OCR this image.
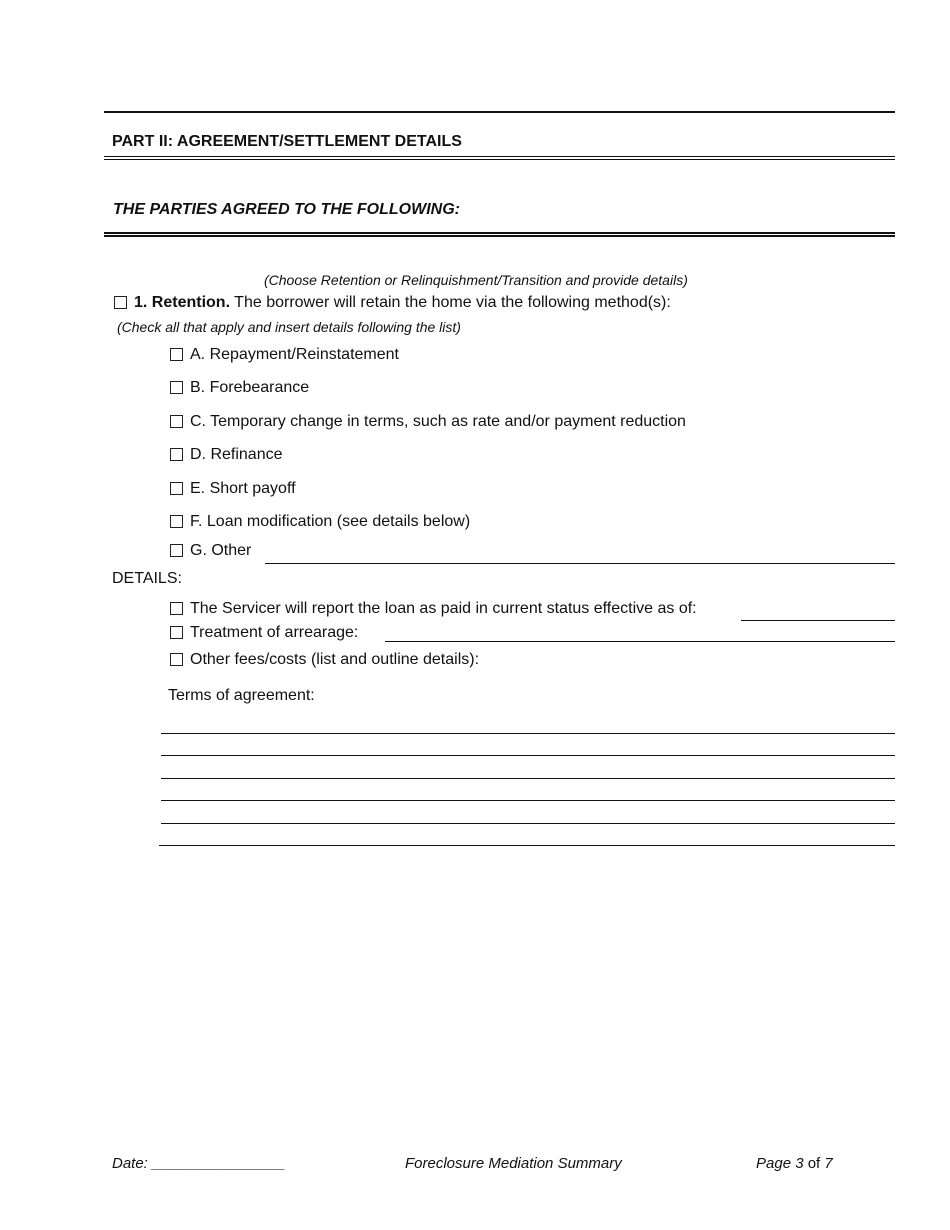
PART II: AGREEMENT/SETTLEMENT DETAILS
THE PARTIES AGREED TO THE FOLLOWING:
(Choose Retention or Relinquishment/Transition and provide details)
1. Retention. The borrower will retain the home via the following method(s):
(Check all that apply and insert details following the list)
A. Repayment/Reinstatement
B. Forebearance
C. Temporary change in terms, such as rate and/or payment reduction
D. Refinance
E. Short payoff
F. Loan modification (see details below)
G. Other
DETAILS:
The Servicer will report the loan as paid in current status effective as of:
Treatment of arrearage:
Other fees/costs (list and outline details):
Terms of agreement:
Date: ________________	Foreclosure Mediation Summary	Page 3 of 7
